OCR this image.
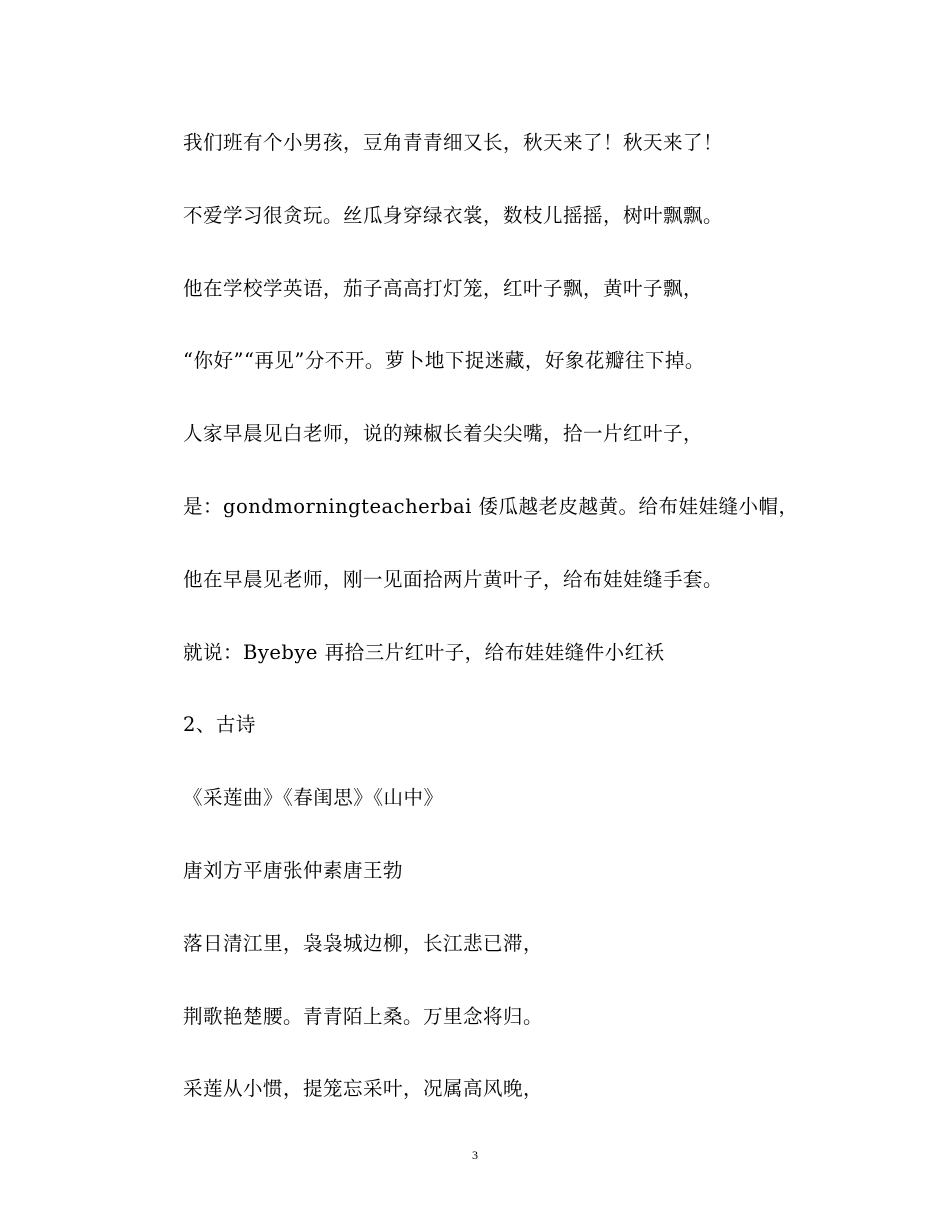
我们班有个小男孩，豆角青青细又长，秋天来了！秋天来了！
不爱学习很贪玩。丝瓜身穿绿衣裳，数枝儿摇摇，树叶飘飘。
他在学校学英语，茄子高高打灯笼，红叶子飘，黄叶子飘，
“你好”“再见”分不开。萝卜地下捉迷藏，好象花瓣往下掉。
人家早晨见白老师，说的辣椒长着尖尖嘴，拾一片红叶子，
是：gondmorningteacherbai 倭瓜越老皮越黄。给布娃娃缝小帽，
他在早晨见老师，刚一见面拾两片黄叶子，给布娃娃缝手套。
就说：Byebye 再拾三片红叶子，给布娃娃缝件小红袄
2、古诗
《采莲曲》《春闺思》《山中》
唐刘方平唐张仲素唐王勃
落日清江里，袅袅城边柳，长江悲已滞，
荆歌艳楚腰。青青陌上桑。万里念将归。
采莲从小惯，提笼忘采叶，况属高风晚，
3
